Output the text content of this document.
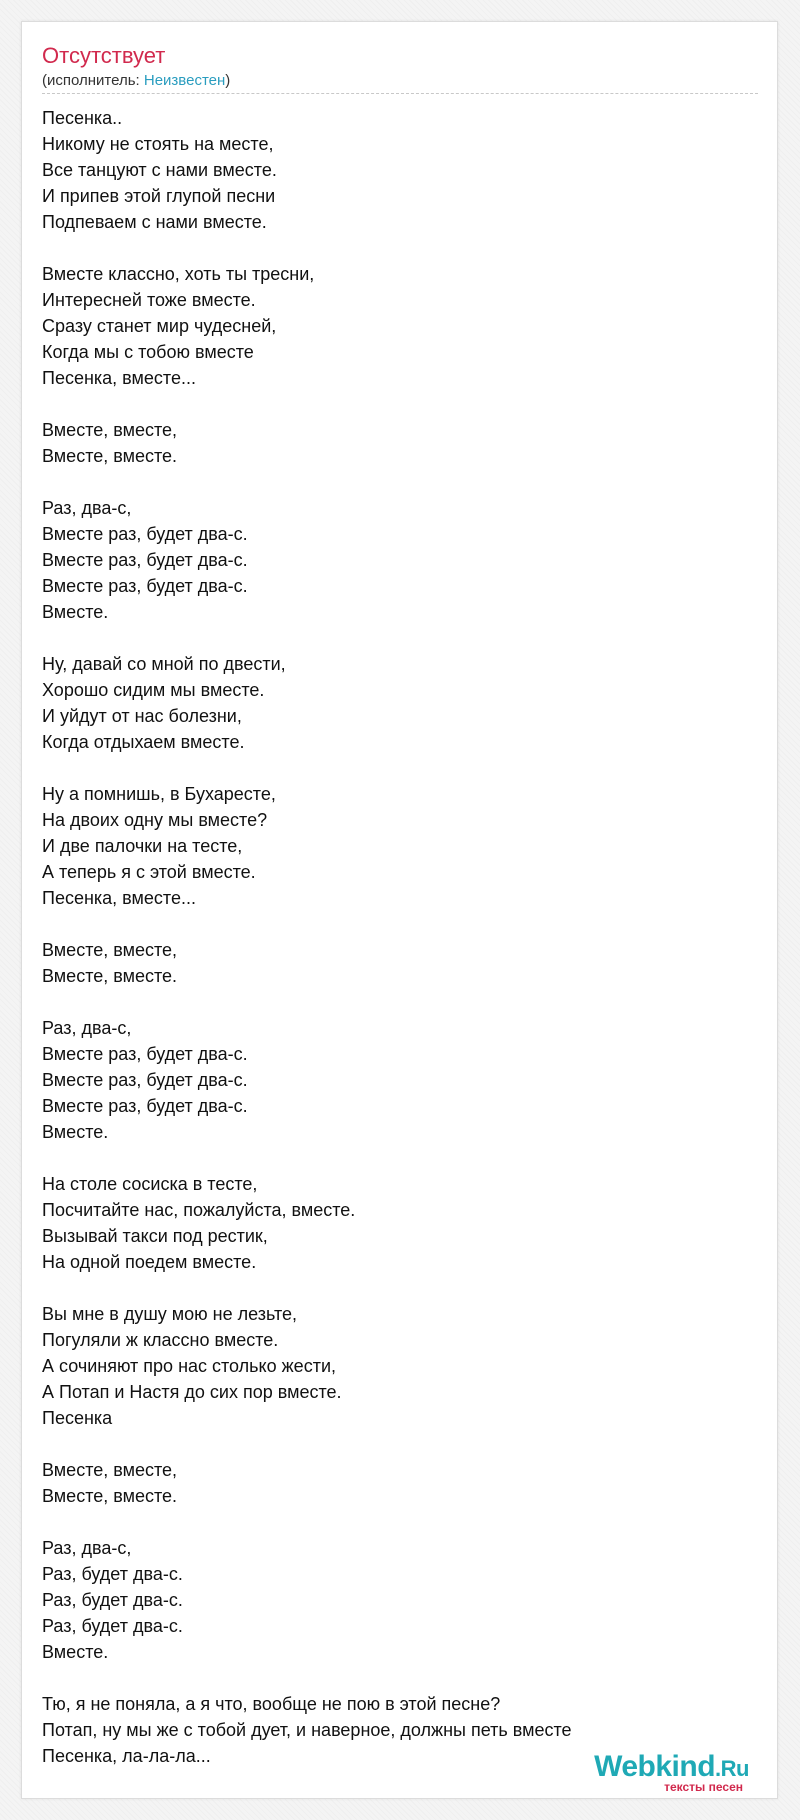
Отсутствует
(исполнитель: Неизвестен)
Песенка..
Никому не стоять на месте,
Все танцуют с нами вместе.
И припев этой глупой песни
Подпеваем с нами вместе.
Вместе классно, хоть ты тресни,
Интересней тоже вместе.
Сразу станет мир чудесней,
Когда мы с тобою вместе
Песенка, вместе...
Вместе, вместе,
Вместе, вместе.
Раз, два-с,
Вместе раз, будет два-с.
Вместе раз, будет два-с.
Вместе раз, будет два-с.
Вместе.
Ну, давай со мной по двести,
Хорошо сидим мы вместе.
И уйдут от нас болезни,
Когда отдыхаем вместе.
Ну а помнишь, в Бухаресте,
На двоих одну мы вместе?
И две палочки на тесте,
А теперь я с этой вместе.
Песенка, вместе...
Вместе, вместе,
Вместе, вместе.
Раз, два-с,
Вместе раз, будет два-с.
Вместе раз, будет два-с.
Вместе раз, будет два-с.
Вместе.
На столе сосиска в тесте,
Посчитайте нас, пожалуйста, вместе.
Вызывай такси под рестик,
На одной поедем вместе.
Вы мне в душу мою не лезьте,
Погуляли ж классно вместе.
А сочиняют про нас столько жести,
А Потап и Настя до сих пор вместе.
Песенка
Вместе, вместе,
Вместе, вместе.
Раз, два-с,
Раз, будет два-с.
Раз, будет два-с.
Раз, будет два-с.
Вместе.
Тю, я не поняла, а я что, вообще не пою в этой песне?
Потап, ну мы же с тобой дует, и наверное, должны петь вместе
Песенка, ла-ла-ла...	Webkind.Ru
тексты песен
